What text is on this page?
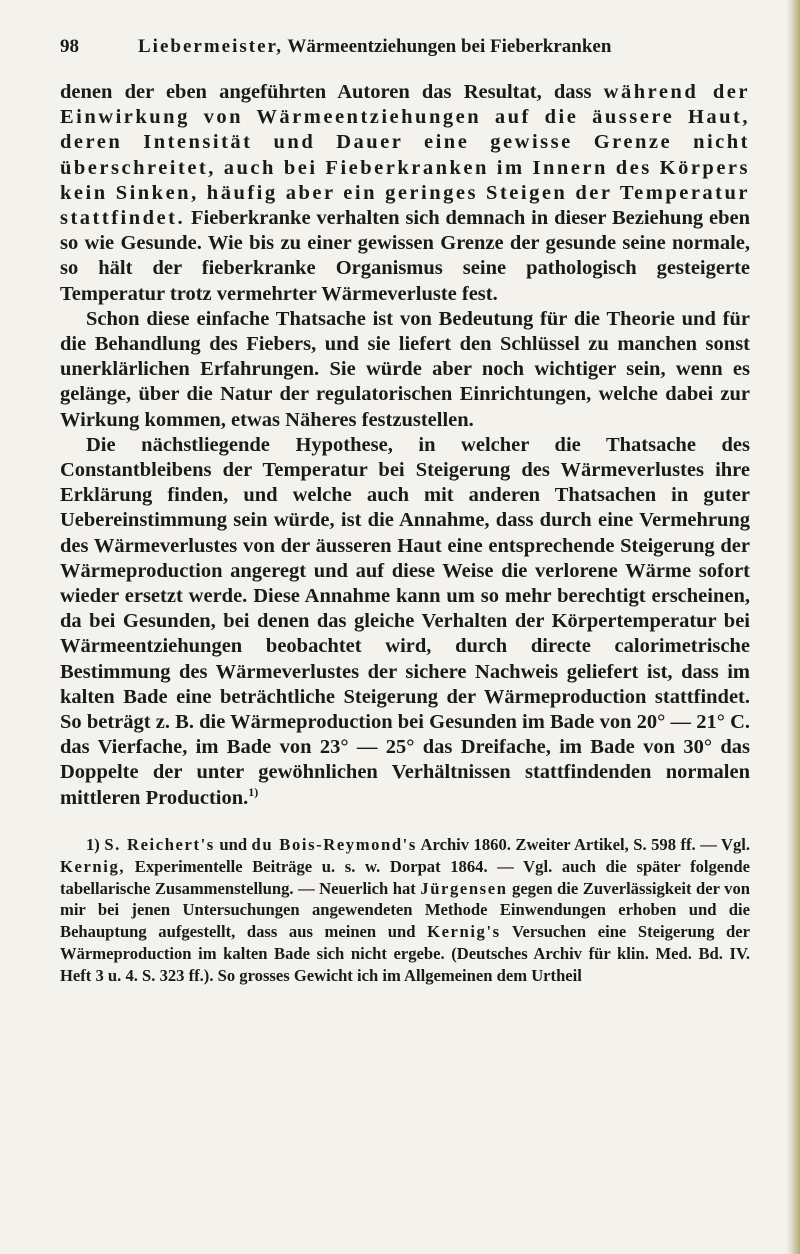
98	Liebermeister, Wärmeentziehungen bei Fieberkranken

denen der eben angeführten Autoren das Resultat, dass während der Einwirkung von Wärmeentziehungen auf die äussere Haut, deren Intensität und Dauer eine gewisse Grenze nicht überschreitet, auch bei Fieberkranken im Innern des Körpers kein Sinken, häufig aber ein geringes Steigen der Temperatur stattfindet. Fieberkranke verhalten sich demnach in dieser Beziehung eben so wie Gesunde. Wie bis zu einer gewissen Grenze der gesunde seine normale, so hält der fieberkranke Organismus seine pathologisch gesteigerte Temperatur trotz vermehrter Wärmeverluste fest.

Schon diese einfache Thatsache ist von Bedeutung für die Theorie und für die Behandlung des Fiebers, und sie liefert den Schlüssel zu manchen sonst unerklärlichen Erfahrungen. Sie würde aber noch wichtiger sein, wenn es gelänge, über die Natur der regulatorischen Einrichtungen, welche dabei zur Wirkung kommen, etwas Näheres festzustellen.

Die nächstliegende Hypothese, in welcher die Thatsache des Constantbleibens der Temperatur bei Steigerung des Wärmeverlustes ihre Erklärung finden, und welche auch mit anderen Thatsachen in guter Uebereinstimmung sein würde, ist die Annahme, dass durch eine Vermehrung des Wärmeverlustes von der äusseren Haut eine entsprechende Steigerung der Wärmeproduction angeregt und auf diese Weise die verlorene Wärme sofort wieder ersetzt werde. Diese Annahme kann um so mehr berechtigt erscheinen, da bei Gesunden, bei denen das gleiche Verhalten der Körpertemperatur bei Wärmeentziehungen beobachtet wird, durch directe calorimetrische Bestimmung des Wärmeverlustes der sichere Nachweis geliefert ist, dass im kalten Bade eine beträchtliche Steigerung der Wärmeproduction stattfindet. So beträgt z. B. die Wärmeproduction bei Gesunden im Bade von 20° — 21° C. das Vierfache, im Bade von 23° — 25° das Dreifache, im Bade von 30° das Doppelte der unter gewöhnlichen Verhältnissen stattfindenden normalen mittleren Production.$^{1)}$

1) S. Reichert's und du Bois-Reymond's Archiv 1860. Zweiter Artikel, S. 598 ff. — Vgl. Kernig, Experimentelle Beiträge u. s. w. Dorpat 1864. — Vgl. auch die später folgende tabellarische Zusammenstellung. — Neuerlich hat Jürgensen gegen die Zuverlässigkeit der von mir bei jenen Untersuchungen angewendeten Methode Einwendungen erhoben und die Behauptung aufgestellt, dass aus meinen und Kernig's Versuchen eine Steigerung der Wärmeproduction im kalten Bade sich nicht ergebe. (Deutsches Archiv für klin. Med. Bd. IV. Heft 3 u. 4. S. 323 ff.). So grosses Gewicht ich im Allgemeinen dem Urtheil
